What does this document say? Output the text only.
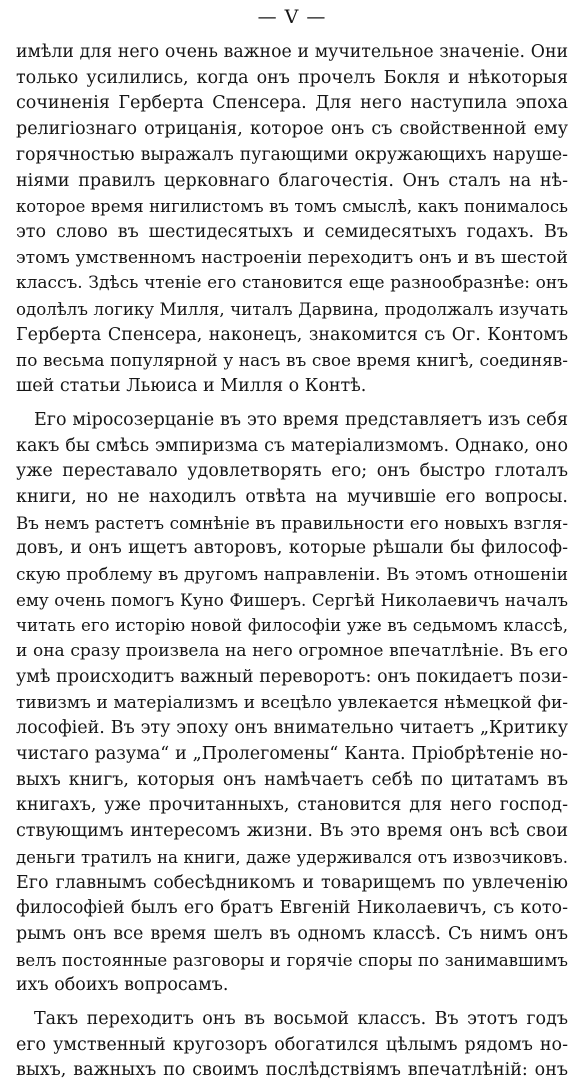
— V —

имѣли для него очень важное и мучительное значеніе. Они
только усилились, когда онъ прочелъ Бокля и нѣкоторыя
сочиненія Герберта Спенсера. Для него наступила эпоха
религіознаго отрицанія, которое онъ съ свойственной ему
горячностью выражалъ пугающими окружающихъ наруше-
ніями правилъ церковнаго благочестія. Онъ сталъ на нѣ-
которое время нигилистомъ въ томъ смыслѣ, какъ понималось
это слово въ шестидесятыхъ и семидесятыхъ годахъ. Въ
этомъ умственномъ настроеніи переходитъ онъ и въ шестой
классъ. Здѣсь чтеніе его становится еще разнообразнѣе: онъ
одолѣлъ логику Милля, читалъ Дарвина, продолжалъ изучать
Герберта Спенсера, наконецъ, знакомится съ Ог. Контомъ
по весьма популярной у насъ въ свое время книгѣ, соединяв-
шей статьи Льюиса и Милля о Контѣ.

Его міросозерцаніе въ это время представляетъ изъ себя
какъ бы смѣсь эмпиризма съ матеріализмомъ. Однако, оно
уже переставало удовлетворять его; онъ быстро глоталъ
книги, но не находилъ отвѣта на мучившіе его вопросы.
Въ немъ растетъ сомнѣніе въ правильности его новыхъ взгля-
довъ, и онъ ищетъ авторовъ, которые рѣшали бы философ-
скую проблему въ другомъ направленіи. Въ этомъ отношеніи
ему очень помогъ Куно Фишеръ. Сергѣй Николаевичъ началъ
читать его исторію новой философіи уже въ седьмомъ классѣ,
и она сразу произвела на него огромное впечатлѣніе. Въ его
умѣ происходитъ важный переворотъ: онъ покидаетъ пози-
тивизмъ и матеріализмъ и всецѣло увлекается нѣмецкой фи-
лософіей. Въ эту эпоху онъ внимательно читаетъ „Критику
чистаго разума“ и „Пролегомены“ Канта. Пріобрѣтеніе но-
выхъ книгъ, которыя онъ намѣчаетъ себѣ по цитатамъ въ
книгахъ, уже прочитанныхъ, становится для него господ-
ствующимъ интересомъ жизни. Въ это время онъ всѣ свои
деньги тратилъ на книги, даже удерживался отъ извозчиковъ.
Его главнымъ собесѣдникомъ и товарищемъ по увлеченію
философіей былъ его братъ Евгеній Николаевичъ, съ кото-
рымъ онъ все время шелъ въ одномъ классѣ. Съ нимъ онъ
велъ постоянные разговоры и горячіе споры по занимавшимъ
ихъ обоихъ вопросамъ.

Такъ переходитъ онъ въ восьмой классъ. Въ этотъ годъ
его умственный кругозоръ обогатился цѣлымъ рядомъ но-
выхъ, важныхъ по своимъ послѣдствіямъ впечатлѣній: онъ
